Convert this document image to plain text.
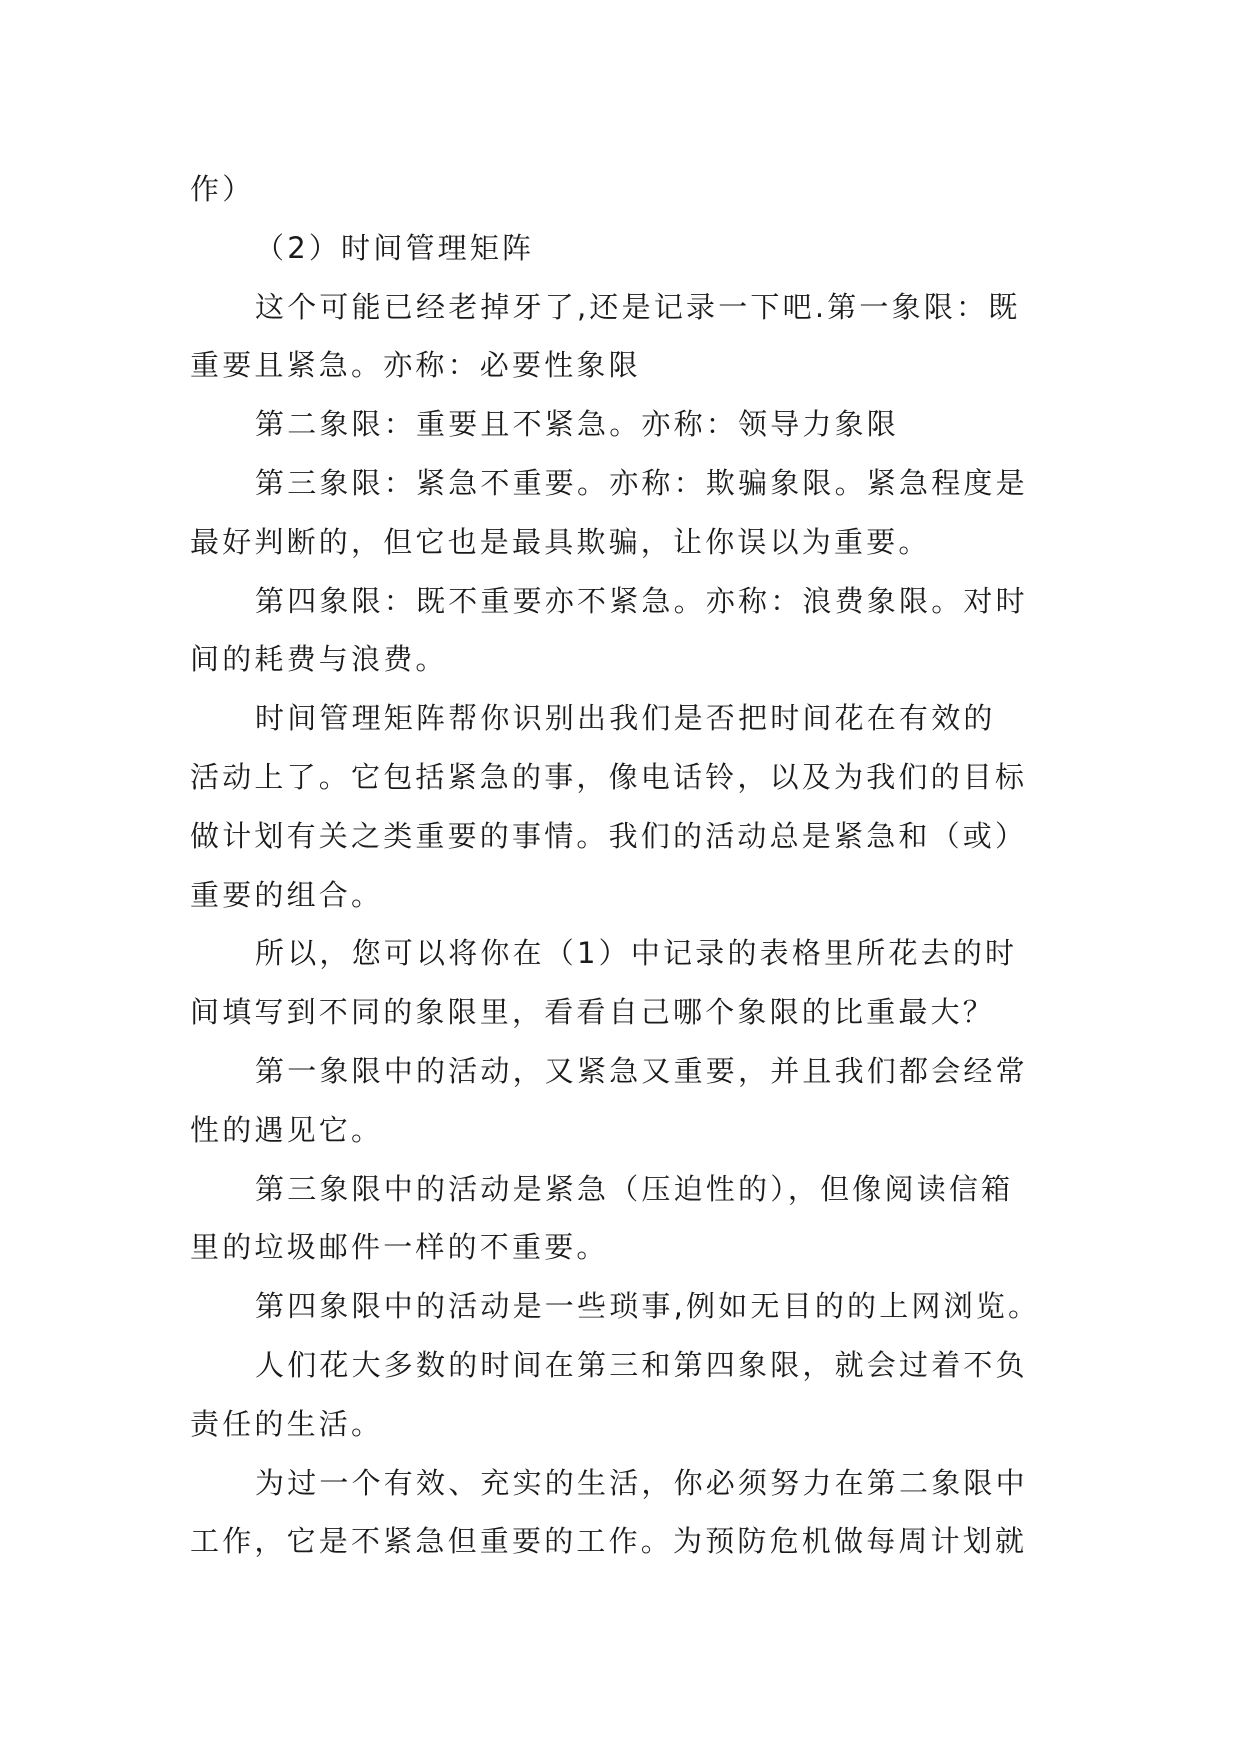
作）
（2）时间管理矩阵
这个可能已经老掉牙了,还是记录一下吧.第一象限：既
重要且紧急。亦称：必要性象限
第二象限：重要且不紧急。亦称：领导力象限
第三象限：紧急不重要。亦称：欺骗象限。紧急程度是
最好判断的，但它也是最具欺骗，让你误以为重要。
第四象限：既不重要亦不紧急。亦称：浪费象限。对时
间的耗费与浪费。
时间管理矩阵帮你识别出我们是否把时间花在有效的
活动上了。它包括紧急的事，像电话铃，以及为我们的目标
做计划有关之类重要的事情。我们的活动总是紧急和（或）
重要的组合。
所以，您可以将你在（1）中记录的表格里所花去的时
间填写到不同的象限里，看看自己哪个象限的比重最大？
第一象限中的活动，又紧急又重要，并且我们都会经常
性的遇见它。
第三象限中的活动是紧急（压迫性的），但像阅读信箱
里的垃圾邮件一样的不重要。
第四象限中的活动是一些琐事,例如无目的的上网浏览。
人们花大多数的时间在第三和第四象限，就会过着不负
责任的生活。
为过一个有效、充实的生活，你必须努力在第二象限中
工作，它是不紧急但重要的工作。为预防危机做每周计划就
